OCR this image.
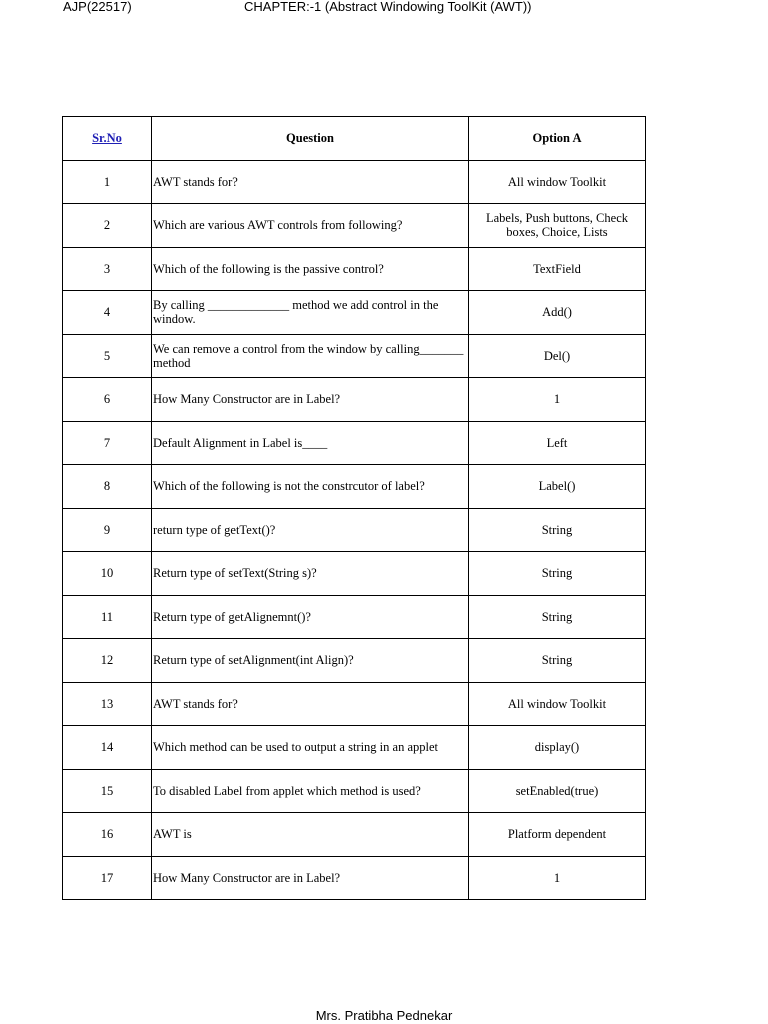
AJP(22517)	CHAPTER:-1 (Abstract Windowing ToolKit (AWT))
Sr.No	Question	Option A
1	AWT stands for?	All window Toolkit
2	Which are various AWT controls from following?	Labels, Push buttons, Check boxes, Choice, Lists
3	Which of the following is the passive control?	TextField
4	By calling _____________ method we add control in the window.	Add()
5	We can remove a control from the window by calling_______ method	Del()
6	How Many Constructor are in Label?	1
7	Default Alignment in Label is____	Left
8	Which of the following is not the constrcutor of label?	Label()
9	return type of getText()?	String
10	Return type of setText(String s)?	String
11	Return type of getAlignemnt()?	String
12	Return type of setAlignment(int Align)?	String
13	AWT stands for?	All window Toolkit
14	Which method can be used to output a string in an applet	display()
15	To disabled Label from applet which method is used?	setEnabled(true)
16	AWT is	Platform dependent
17	How Many Constructor are in Label?	1
Mrs. Pratibha Pednekar
